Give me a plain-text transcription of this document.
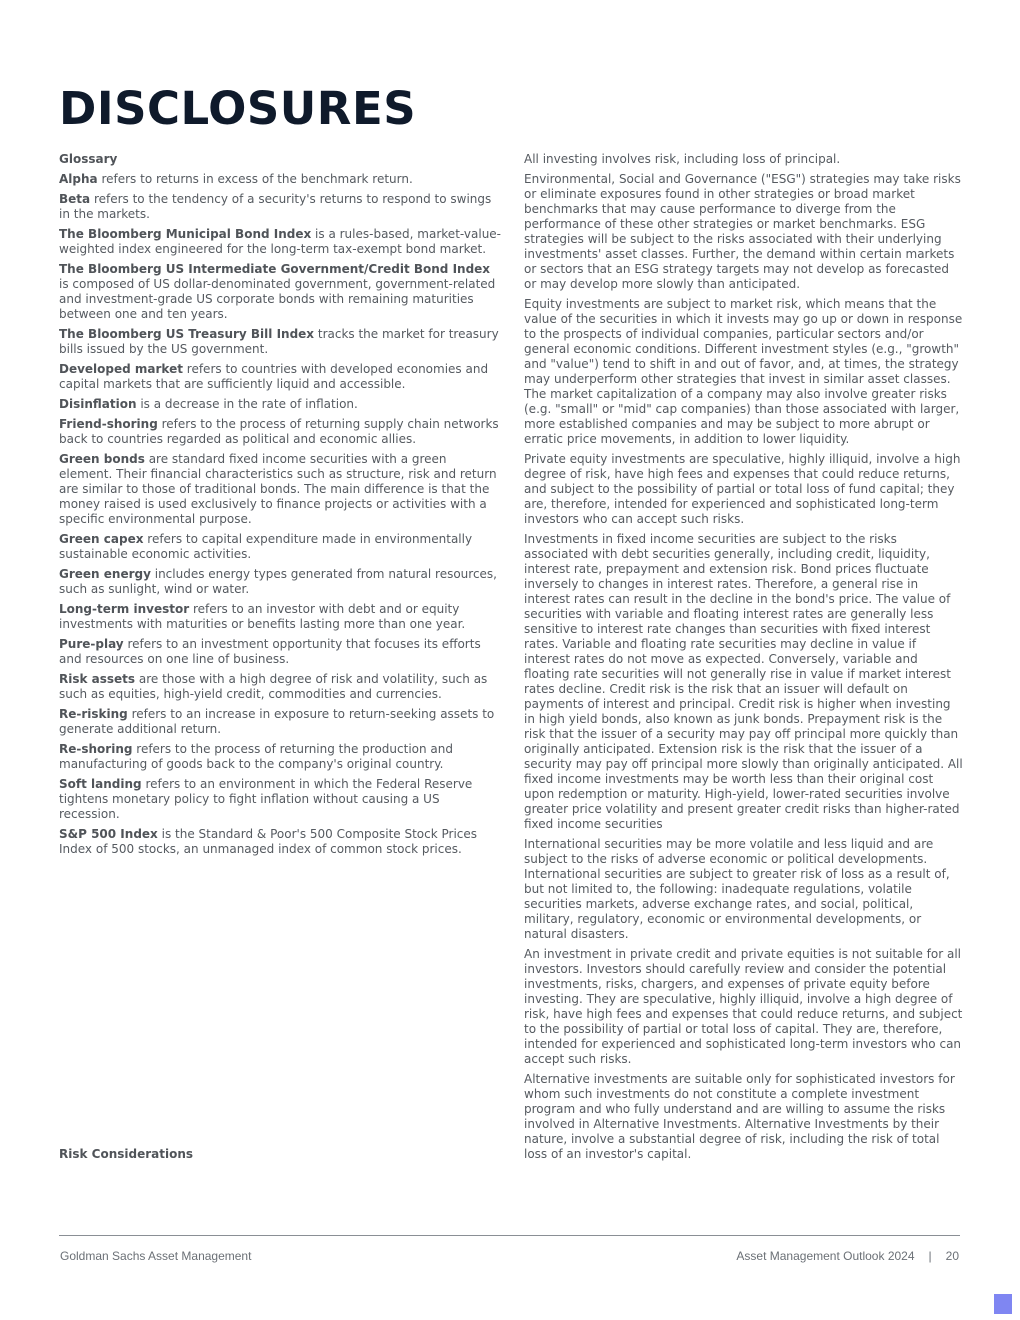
DISCLOSURES

Glossary

Alpha refers to returns in excess of the benchmark return.

Beta refers to the tendency of a security's returns to respond to swings in the markets.

The Bloomberg Municipal Bond Index is a rules-based, market-value-weighted index engineered for the long-term tax-exempt bond market.

The Bloomberg US Intermediate Government/Credit Bond Index is composed of US dollar-denominated government, government-related and investment-grade US corporate bonds with remaining maturities between one and ten years.

The Bloomberg US Treasury Bill Index tracks the market for treasury bills issued by the US government.

Developed market refers to countries with developed economies and capital markets that are sufficiently liquid and accessible.

Disinflation is a decrease in the rate of inflation.

Friend-shoring refers to the process of returning supply chain networks back to countries regarded as political and economic allies.

Green bonds are standard fixed income securities with a green element. Their financial characteristics such as structure, risk and return are similar to those of traditional bonds. The main difference is that the money raised is used exclusively to finance projects or activities with a specific environmental purpose.

Green capex refers to capital expenditure made in environmentally sustainable economic activities.

Green energy includes energy types generated from natural resources, such as sunlight, wind or water.

Long-term investor refers to an investor with debt and or equity investments with maturities or benefits lasting more than one year.

Pure-play refers to an investment opportunity that focuses its efforts and resources on one line of business.

Risk assets are those with a high degree of risk and volatility, such as such as equities, high-yield credit, commodities and currencies.

Re-risking refers to an increase in exposure to return-seeking assets to generate additional return.

Re-shoring refers to the process of returning the production and manufacturing of goods back to the company's original country.

Soft landing refers to an environment in which the Federal Reserve tightens monetary policy to fight inflation without causing a US recession.

S&P 500 Index is the Standard & Poor's 500 Composite Stock Prices Index of 500 stocks, an unmanaged index of common stock prices.

Risk Considerations

All investing involves risk, including loss of principal.

Environmental, Social and Governance ("ESG") strategies may take risks or eliminate exposures found in other strategies or broad market benchmarks that may cause performance to diverge from the performance of these other strategies or market benchmarks. ESG strategies will be subject to the risks associated with their underlying investments' asset classes. Further, the demand within certain markets or sectors that an ESG strategy targets may not develop as forecasted or may develop more slowly than anticipated.

Equity investments are subject to market risk, which means that the value of the securities in which it invests may go up or down in response to the prospects of individual companies, particular sectors and/or general economic conditions. Different investment styles (e.g., "growth" and "value") tend to shift in and out of favor, and, at times, the strategy may underperform other strategies that invest in similar asset classes. The market capitalization of a company may also involve greater risks (e.g. "small" or "mid" cap companies) than those associated with larger, more established companies and may be subject to more abrupt or erratic price movements, in addition to lower liquidity.

Private equity investments are speculative, highly illiquid, involve a high degree of risk, have high fees and expenses that could reduce returns, and subject to the possibility of partial or total loss of fund capital; they are, therefore, intended for experienced and sophisticated long-term investors who can accept such risks.

Investments in fixed income securities are subject to the risks associated with debt securities generally, including credit, liquidity, interest rate, prepayment and extension risk. Bond prices fluctuate inversely to changes in interest rates. Therefore, a general rise in interest rates can result in the decline in the bond's price. The value of securities with variable and floating interest rates are generally less sensitive to interest rate changes than securities with fixed interest rates. Variable and floating rate securities may decline in value if interest rates do not move as expected. Conversely, variable and floating rate securities will not generally rise in value if market interest rates decline. Credit risk is the risk that an issuer will default on payments of interest and principal. Credit risk is higher when investing in high yield bonds, also known as junk bonds. Prepayment risk is the risk that the issuer of a security may pay off principal more quickly than originally anticipated. Extension risk is the risk that the issuer of a security may pay off principal more slowly than originally anticipated. All fixed income investments may be worth less than their original cost upon redemption or maturity. High-yield, lower-rated securities involve greater price volatility and present greater credit risks than higher-rated fixed income securities

International securities may be more volatile and less liquid and are subject to the risks of adverse economic or political developments. International securities are subject to greater risk of loss as a result of, but not limited to, the following: inadequate regulations, volatile securities markets, adverse exchange rates, and social, political, military, regulatory, economic or environmental developments, or natural disasters.

An investment in private credit and private equities is not suitable for all investors. Investors should carefully review and consider the potential investments, risks, chargers, and expenses of private equity before investing. They are speculative, highly illiquid, involve a high degree of risk, have high fees and expenses that could reduce returns, and subject to the possibility of partial or total loss of capital. They are, therefore, intended for experienced and sophisticated long-term investors who can accept such risks.

Alternative investments are suitable only for sophisticated investors for whom such investments do not constitute a complete investment program and who fully understand and are willing to assume the risks involved in Alternative Investments. Alternative Investments by their nature, involve a substantial degree of risk, including the risk of total loss of an investor's capital.

Goldman Sachs Asset Management	Asset Management Outlook 2024 | 20
